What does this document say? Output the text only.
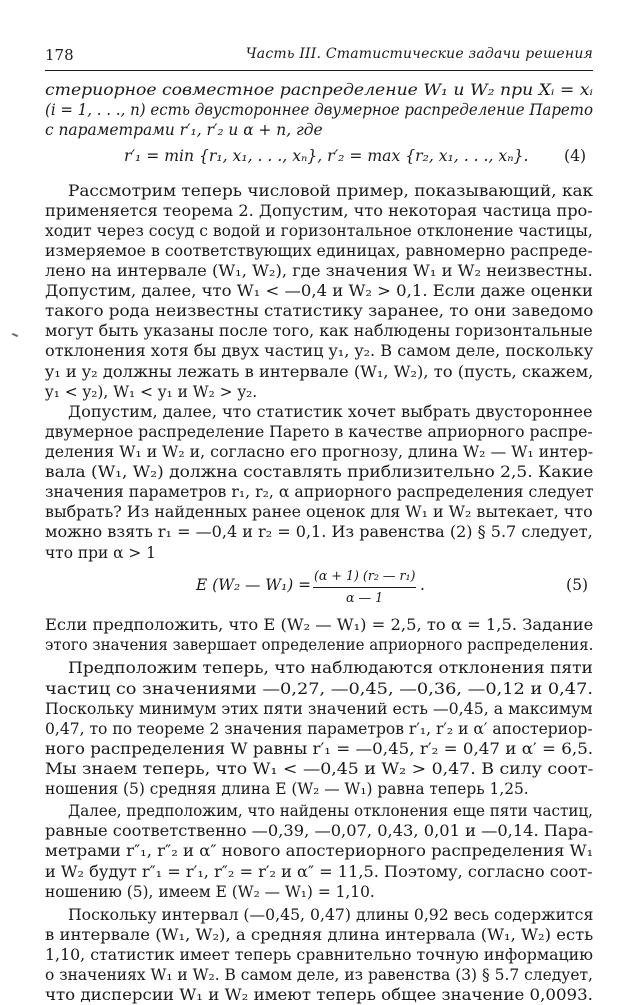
178	Часть III. Статистические задачи решения
стериорное совместное распределение W₁ и W₂ при Xᵢ = xᵢ
(i = 1, . . ., n) есть двустороннее двумерное распределение Парето
с параметрами r′₁, r′₂ и α + n, где
r′₁ = min {r₁, x₁, . . ., xₙ}, r′₂ = max {r₂, x₁, . . ., xₙ}. (4)
Рассмотрим теперь числовой пример, показывающий, как
применяется теорема 2. Допустим, что некоторая частица про-
ходит через сосуд с водой и горизонтальное отклонение частицы,
измеряемое в соответствующих единицах, равномерно распреде-
лено на интервале (W₁, W₂), где значения W₁ и W₂ неизвестны.
Допустим, далее, что W₁ < —0,4 и W₂ > 0,1. Если даже оценки
такого рода неизвестны статистику заранее, то они заведомо
могут быть указаны после того, как наблюдены горизонтальные
отклонения хотя бы двух частиц y₁, y₂. В самом деле, поскольку
y₁ и y₂ должны лежать в интервале (W₁, W₂), то (пусть, скажем,
y₁ < y₂), W₁ < y₁ и W₂ > y₂.
Допустим, далее, что статистик хочет выбрать двустороннее
двумерное распределение Парето в качестве априорного распре-
деления W₁ и W₂ и, согласно его прогнозу, длина W₂ — W₁ интер-
вала (W₁, W₂) должна составлять приблизительно 2,5. Какие
значения параметров r₁, r₂, α априорного распределения следует
выбрать? Из найденных ранее оценок для W₁ и W₂ вытекает, что
можно взять r₁ = —0,4 и r₂ = 0,1. Из равенства (2) § 5.7 следует,
что при α > 1
E (W₂ — W₁) =
(α + 1) (r₂ — r₁)
α — 1
.	(5)
Если предположить, что E (W₂ — W₁) = 2,5, то α = 1,5. Задание
этого значения завершает определение априорного распределения.
Предположим теперь, что наблюдаются отклонения пяти
частиц со значениями —0,27, —0,45, —0,36, —0,12 и 0,47.
Поскольку минимум этих пяти значений есть —0,45, а максимум
0,47, то по теореме 2 значения параметров r′₁, r′₂ и α′ апостериор-
ного распределения W равны r′₁ = —0,45, r′₂ = 0,47 и α′ = 6,5.
Мы знаем теперь, что W₁ < —0,45 и W₂ > 0,47. В силу соот-
ношения (5) средняя длина E (W₂ — W₁) равна теперь 1,25.
Далее, предположим, что найдены отклонения еще пяти частиц,
равные соответственно —0,39, —0,07, 0,43, 0,01 и —0,14. Пара-
метрами r″₁, r″₂ и α″ нового апостериорного распределения W₁
и W₂ будут r″₁ = r′₁, r″₂ = r′₂ и α″ = 11,5. Поэтому, согласно соот-
ношению (5), имеем E (W₂ — W₁) = 1,10.
Поскольку интервал (—0,45, 0,47) длины 0,92 весь содержится
в интервале (W₁, W₂), а средняя длина интервала (W₁, W₂) есть
1,10, статистик имеет теперь сравнительно точную информацию
о значениях W₁ и W₂. В самом деле, из равенства (3) § 5.7 следует,
что дисперсии W₁ и W₂ имеют теперь общее значение 0,0093.
